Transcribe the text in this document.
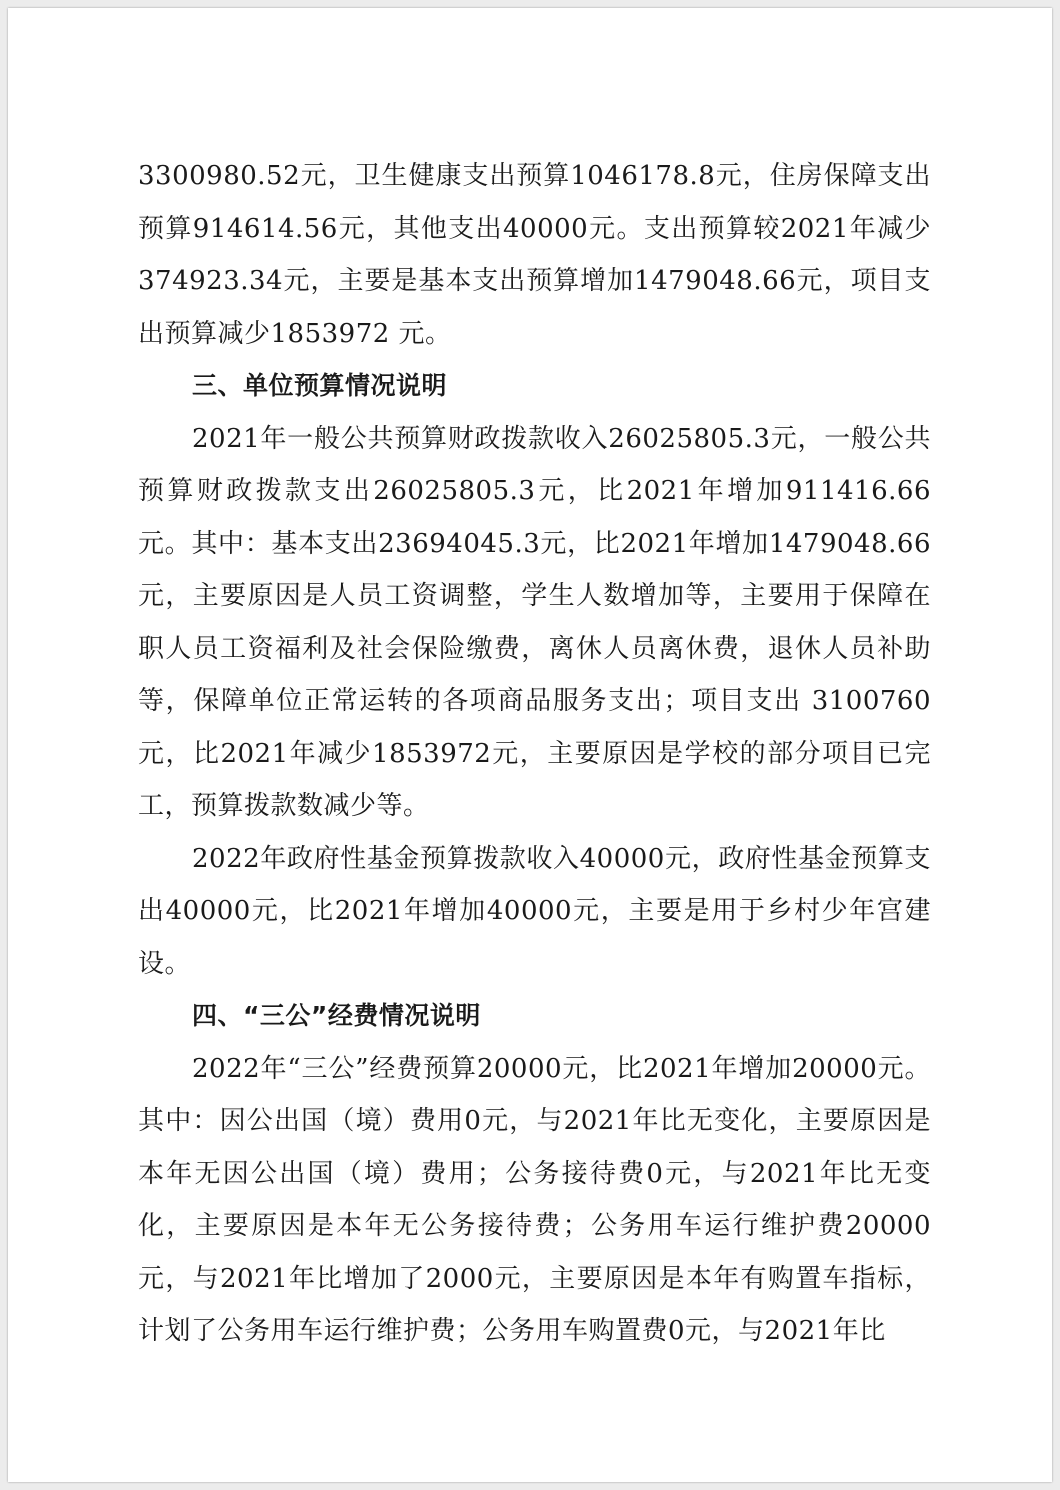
3300980.52元，卫生健康支出预算1046178.8元，住房保障支出预算914614.56元，其他支出40000元。支出预算较2021年减少374923.34元，主要是基本支出预算增加1479048.66元，项目支出预算减少1853972 元。

三、单位预算情况说明

2021年一般公共预算财政拨款收入26025805.3元，一般公共预算财政拨款支出26025805.3元，比2021年增加911416.66元。其中：基本支出23694045.3元，比2021年增加1479048.66 元，主要原因是人员工资调整，学生人数增加等，主要用于保障在职人员工资福利及社会保险缴费，离休人员离休费，退休人员补助等，保障单位正常运转的各项商品服务支出；项目支出 3100760元，比2021年减少1853972元，主要原因是学校的部分项目已完工，预算拨款数减少等。

2022年政府性基金预算拨款收入40000元，政府性基金预算支出40000元，比2021年增加40000元，主要是用于乡村少年宫建设。

四、“三公”经费情况说明

2022年“三公”经费预算20000元，比2021年增加20000元。其中：因公出国（境）费用0元，与2021年比无变化，主要原因是本年无因公出国（境）费用；公务接待费0元，与2021年比无变化，主要原因是本年无公务接待费；公务用车运行维护费20000元，与2021年比增加了2000元，主要原因是本年有购置车指标，计划了公务用车运行维护费；公务用车购置费0元，与2021年比
